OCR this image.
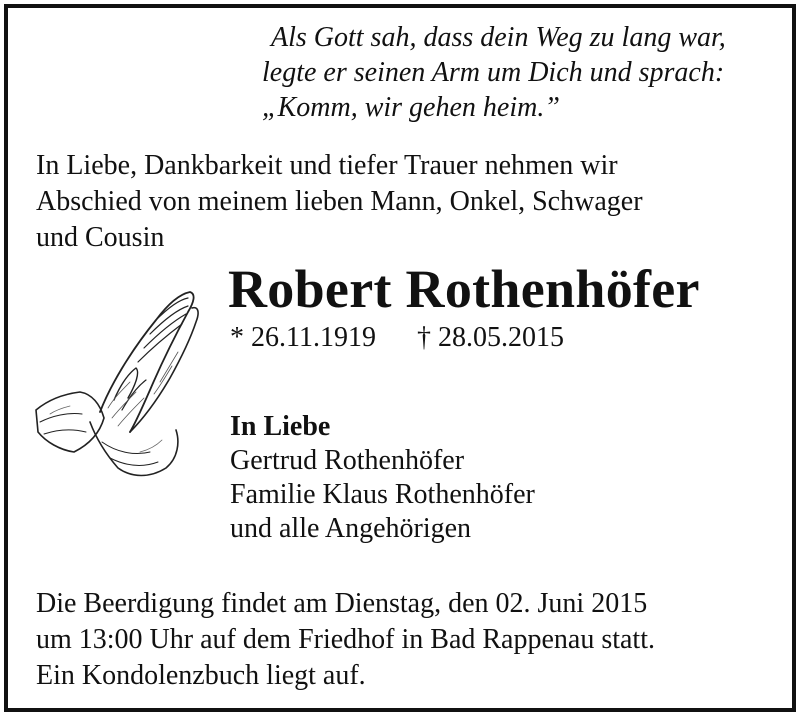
Als Gott sah, dass dein Weg zu lang war,
legte er seinen Arm um Dich und sprach:
„Komm, wir gehen heim.”
In Liebe, Dankbarkeit und tiefer Trauer nehmen wir
Abschied von meinem lieben Mann, Onkel, Schwager
und Cousin
Robert Rothenhöfer
* 26.11.1919 † 28.05.2015
In Liebe
Gertrud Rothenhöfer
Familie Klaus Rothenhöfer
und alle Angehörigen
Die Beerdigung findet am Dienstag, den 02. Juni 2015
um 13:00 Uhr auf dem Friedhof in Bad Rappenau statt.
Ein Kondolenzbuch liegt auf.
